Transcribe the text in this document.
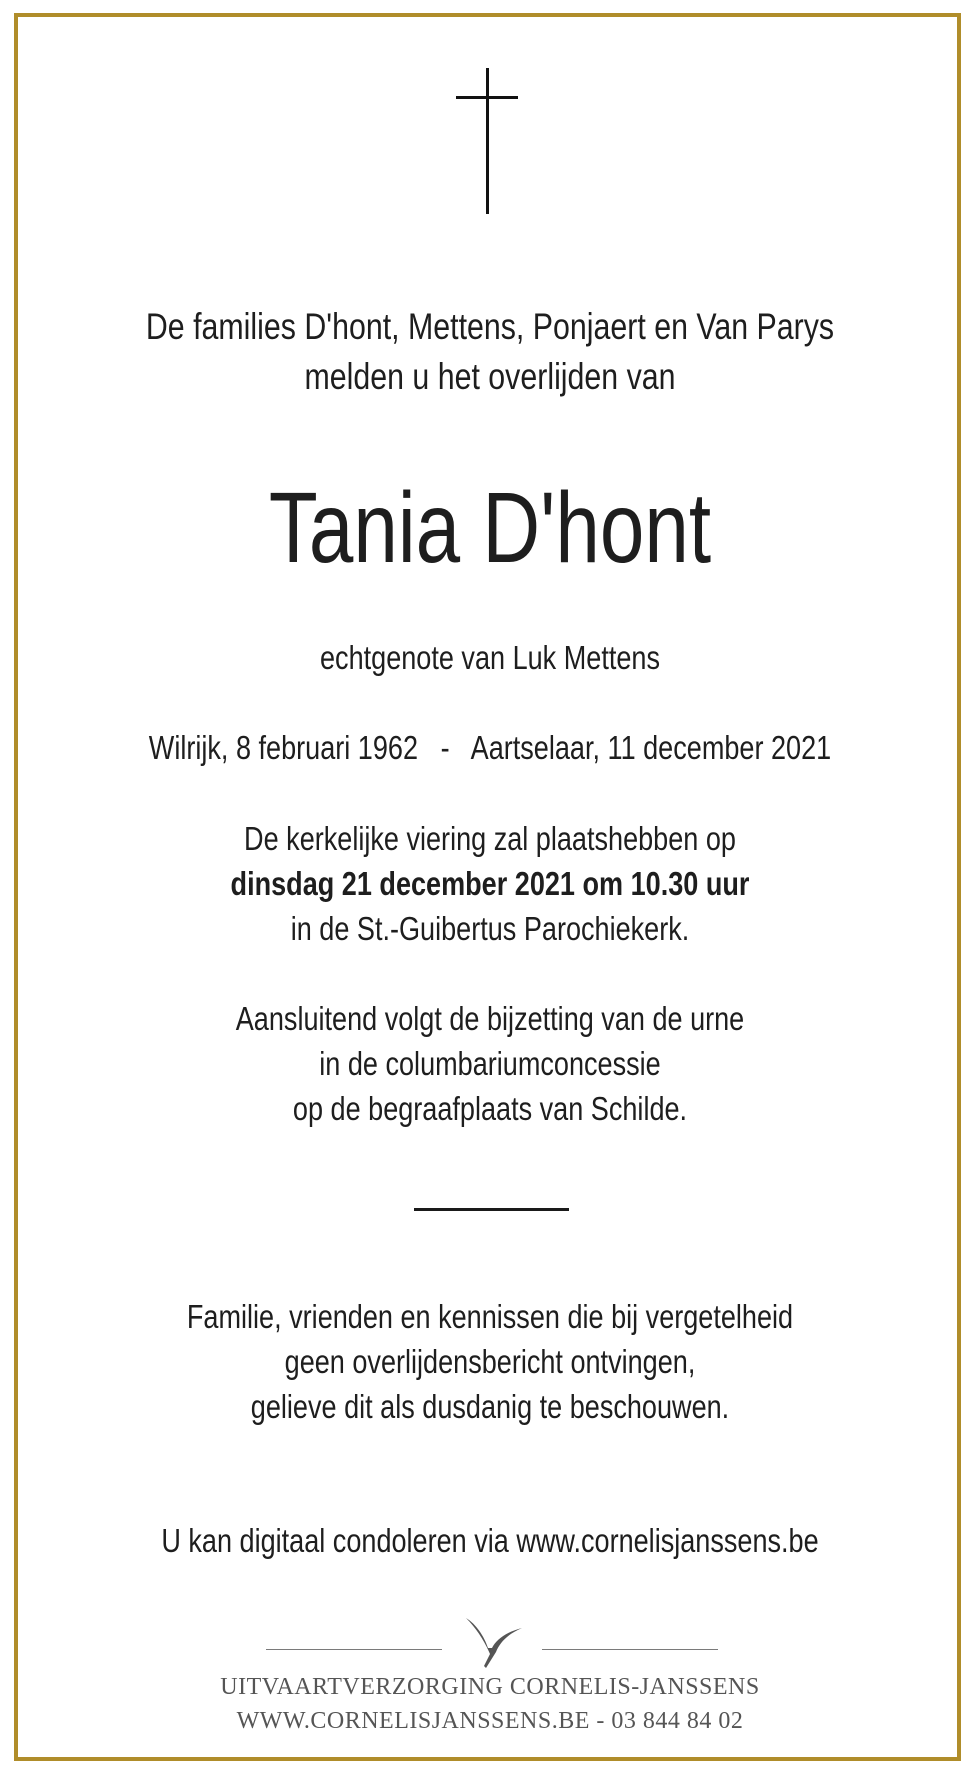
De families D'hont, Mettens, Ponjaert en Van Parys
melden u het overlijden van
Tania D'hont
echtgenote van Luk Mettens
Wilrijk, 8 februari 1962 - Aartselaar, 11 december 2021
De kerkelijke viering zal plaatshebben op
dinsdag 21 december 2021 om 10.30 uur
in de St.-Guibertus Parochiekerk.
Aansluitend volgt de bijzetting van de urne
in de columbariumconcessie
op de begraafplaats van Schilde.
Familie, vrienden en kennissen die bij vergetelheid
geen overlijdensbericht ontvingen,
gelieve dit als dusdanig te beschouwen.
U kan digitaal condoleren via www.cornelisjanssens.be
UITVAARTVERZORGING CORNELIS-JANSSENS
WWW.CORNELISJANSSENS.BE - 03 844 84 02
